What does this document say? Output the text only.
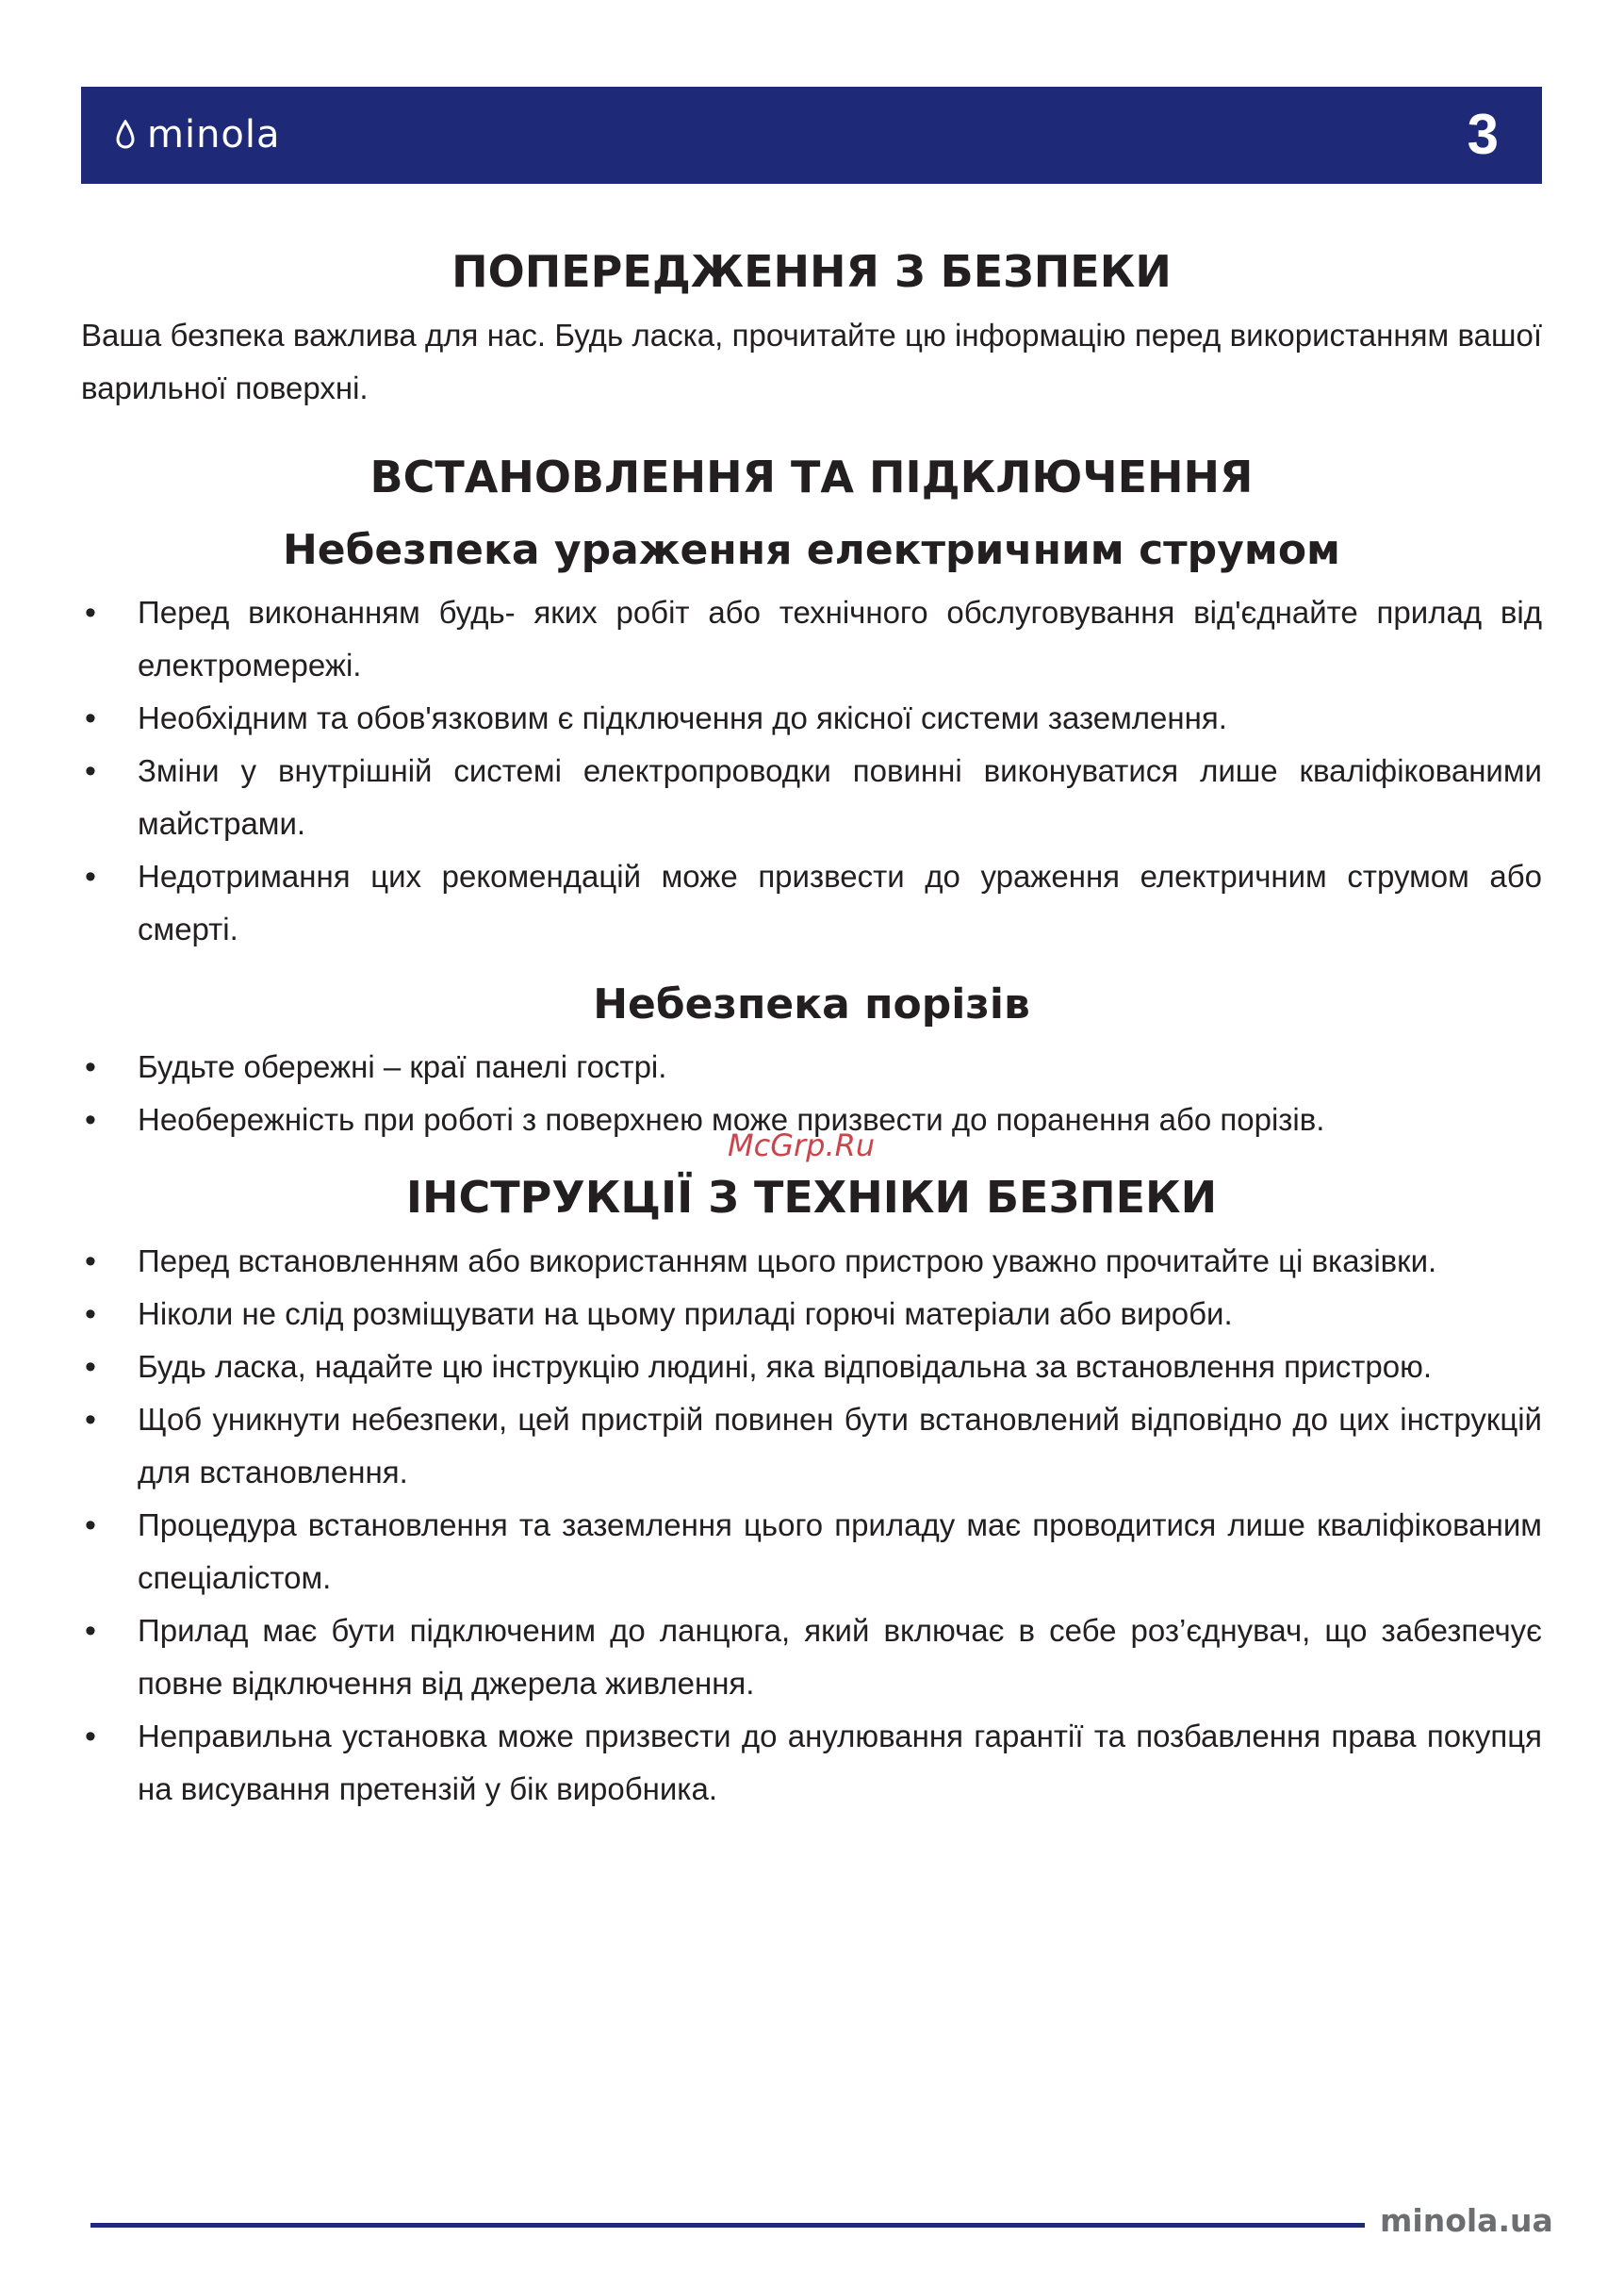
minola	3
ПОПЕРЕДЖЕННЯ З БЕЗПЕКИ

Ваша безпека важлива для нас. Будь ласка, прочитайте цю інформацію перед використанням вашої варильної поверхні.

ВСТАНОВЛЕННЯ ТА ПІДКЛЮЧЕННЯ
Небезпека ураження електричним струмом
• Перед виконанням будь- яких робіт або технічного обслуговування від'єднайте прилад від електромережі.
• Необхідним та обов'язковим є підключення до якісної системи заземлення.
• Зміни у внутрішній системі електропроводки повинні виконуватися лише кваліфікованими майстрами.
• Недотримання цих рекомендацій може призвести до ураження електричним струмом або смерті.
Небезпека порізів
• Будьте обережні – краї панелі гострі.
• Необережність при роботі з поверхнею може призвести до поранення або порізів.
ІНСТРУКЦІЇ З ТЕХНІКИ БЕЗПЕКИ
• Перед встановленням або використанням цього пристрою уважно прочитайте ці вказівки.
• Ніколи не слід розміщувати на цьому приладі горючі матеріали або вироби.
• Будь ласка, надайте цю інструкцію людині, яка відповідальна за встановлення пристрою.
• Щоб уникнути небезпеки, цей пристрій повинен бути встановлений відповідно до цих інструкцій для встановлення.
• Процедура встановлення та заземлення цього приладу має проводитися лише кваліфікованим спеціалістом.
• Прилад має бути підключеним до ланцюга, який включає в себе роз’єднувач, що забезпечує повне відключення від джерела живлення.
• Неправильна установка може призвести до анулювання гарантії та позбавлення права покупця на висування претензій у бік виробника.
McGrp.Ru
minola.ua
